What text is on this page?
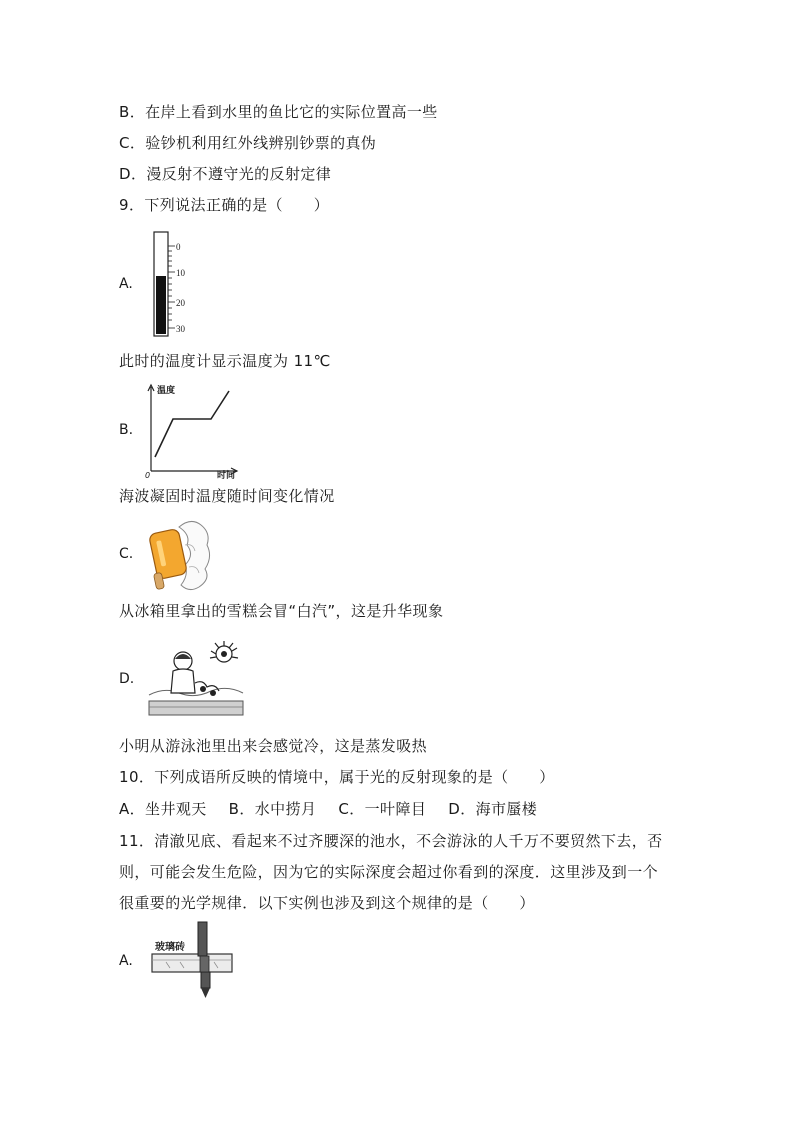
B．在岸上看到水里的鱼比它的实际位置高一些
C．验钞机利用红外线辨别钞票的真伪
D．漫反射不遵守光的反射定律
9．下列说法正确的是（　　）
A.
0
10
20
30
此时的温度计显示温度为 11℃
B.
温度
时间
0
海波凝固时温度随时间变化情况
C.
从冰箱里拿出的雪糕会冒“白汽”，这是升华现象
D.
小明从游泳池里出来会感觉冷，这是蒸发吸热
10．下列成语所反映的情境中，属于光的反射现象的是（　　）
A．坐井观天 B．水中捞月 C．一叶障目 D．海市蜃楼
11．清澈见底、看起来不过齐腰深的池水，不会游泳的人千万不要贸然下去，否
则，可能会发生危险，因为它的实际深度会超过你看到的深度．这里涉及到一个
很重要的光学规律．以下实例也涉及到这个规律的是（　　）
A.
玻璃砖
